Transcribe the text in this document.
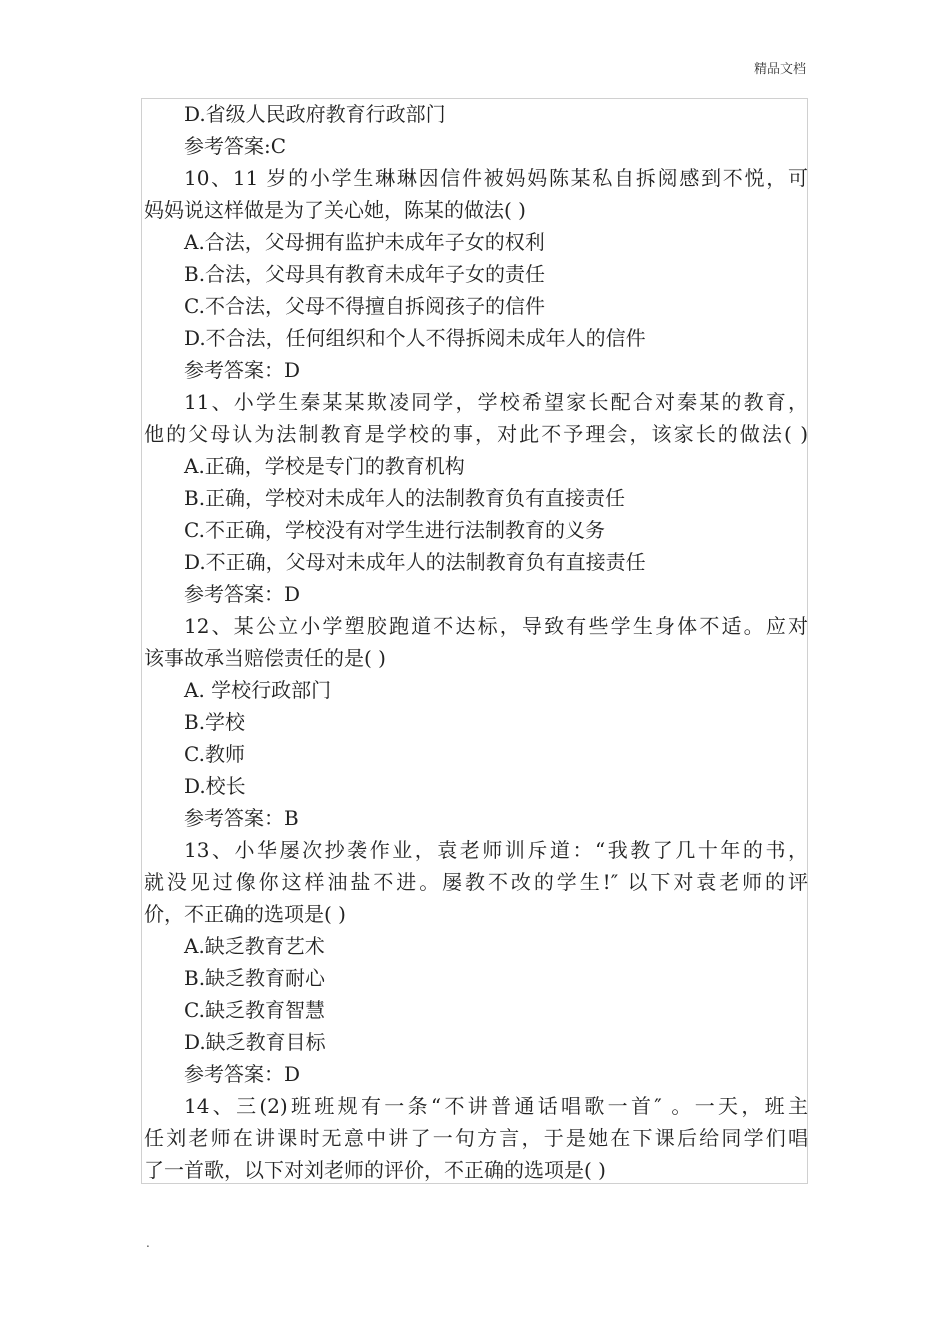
精品文档
D.省级人民政府教育行政部门
参考答案:C
10、11 岁的小学生琳琳因信件被妈妈陈某私自拆阅感到不悦，可
妈妈说这样做是为了关心她，陈某的做法( )
A.合法，父母拥有监护未成年子女的权利
B.合法，父母具有教育未成年子女的责任
C.不合法，父母不得擅自拆阅孩子的信件
D.不合法，任何组织和个人不得拆阅未成年人的信件
参考答案：D
11、小学生秦某某欺凌同学，学校希望家长配合对秦某的教育，
他的父母认为法制教育是学校的事，对此不予理会，该家长的做法( )
A.正确，学校是专门的教育机构
B.正确，学校对未成年人的法制教育负有直接责任
C.不正确，学校没有对学生进行法制教育的义务
D.不正确，父母对未成年人的法制教育负有直接责任
参考答案：D
12、某公立小学塑胶跑道不达标，导致有些学生身体不适。应对
该事故承当赔偿责任的是( )
A. 学校行政部门
B.学校
C.教师
D.校长
参考答案：B
13、小华屡次抄袭作业，袁老师训斥道：“我教了几十年的书，
就没见过像你这样油盐不进。屡教不改的学生!″ 以下对袁老师的评
价，不正确的选项是( )
A.缺乏教育艺术
B.缺乏教育耐心
C.缺乏教育智慧
D.缺乏教育目标
参考答案：D
14、三(2)班班规有一条“不讲普通话唱歌一首″ 。一天，班主
任刘老师在讲课时无意中讲了一句方言，于是她在下课后给同学们唱
了一首歌，以下对刘老师的评价，不正确的选项是( )
.
